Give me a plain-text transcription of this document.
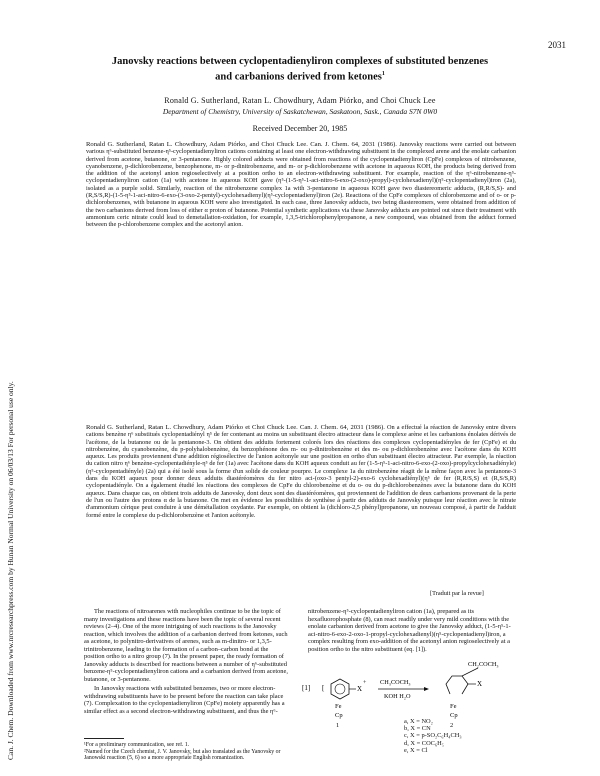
2031
Janovsky reactions between cyclopentadienyliron complexes of substituted benzenes
and carbanions derived from ketones$^1$
Ronald G. Sutherland, Ratan L. Chowdhury, Adam Piórko, and Choi Chuck Lee
Department of Chemistry, University of Saskatchewan, Saskatoon, Sask., Canada S7N 0W0
Received December 20, 1985
Ronald G. Sutherland, Ratan L. Chowdhury, Adam Piórko, and Choi Chuck Lee. Can. J. Chem. 64, 2031 (1986). Janovsky reactions were carried out between various η⁶-substituted benzene-η⁵-cyclopentadienyliron cations containing at least one electron-withdrawing substituent in the complexed arene and the enolate carbanion derived from acetone, butanone, or 3-pentanone. Highly colored adducts were obtained from reactions of the cyclopentadienyliron (CpFe) complexes of nitrobenzene, cyanobenzene, p-dichlorobenzene, benzophenone, m- or p-dinitrobenzene, and m- or p-dichlorobenzene with acetone in aqueous KOH, the products being derived from the addition of the acetonyl anion regioselectively at a position ortho to an electron-withdrawing substituent. For example, reaction of the η⁶-nitrobenzene-η⁵-cyclopentadienyliron cation (1a) with acetone in aqueous KOH gave (η⁵-(1-5-η⁵-1-aci-nitro-6-exo-(2-oxo)-propyl)-cyclohexadienyl)(η⁵-cyclopentadienyl)iron (2a), isolated as a purple solid. Similarly, reaction of the nitrobenzene complex 1a with 3-pentanone in aqueous KOH gave two diastereomeric adducts, (R,R/S,S)- and (R,S/S,R)-(1-5-η⁵-1-aci-nitro-6-exo-(3-oxo-2-pentyl)-cyclohexadienyl)(η⁵-cyclopentadienyl)iron (2e). Reactions of the CpFe complexes of chlorobenzene and of o- or p-dichlorobenzenes, with butanone in aqueous KOH were also investigated. In each case, three Janovsky adducts, two being diastereomers, were obtained from addition of the two carbanions derived from loss of either α proton of butanone. Potential synthetic applications via these Janovsky adducts are pointed out since their treatment with ammonium ceric nitrate could lead to demetallation-oxidation, for example, 1,3,5-trichlorophenylpropanone, a new compound, was obtained from the adduct formed between the p-chlorobenzene complex and the acetonyl anion.
Ronald G. Sutherland, Ratan L. Chowdhury, Adam Piórko et Choi Chuck Lee. Can. J. Chem. 64, 2031 (1986). On a effectué la réaction de Janovsky entre divers cations benzène η⁶ substitués cyclopentadiényl η⁵ de fer contenant au moins un substituant électro attracteur dans le complexe arène et les carbanions énolates dérivés de l'acétone, de la butanone ou de la pentanone-3. On obtient des adduits fortement colorés lors des réactions des complexes cyclopentadiényles de fer (CpFe) et du nitrobenzène, du cyanobenzène, du p-polyhalobenzène, du benzophénone des m- ou p-dinitrobenzène et des m- ou p-dichlorobenzène avec l'acétone dans du KOH aqueux. Les produits proviennent d'une addition régiosélective de l'anion acétonyle sur une position en ortho d'un substituant électro attracteur. Par exemple, la réaction du cation nitro η⁶ benzène-cyclopentadiényle-η⁵ de fer (1a) avec l'acétone dans du KOH aqueux conduit au fer (1-5-η⁵-1-aci-nitro-6-exo-(2-oxo)-propylcyclohexadiényle)(η⁵-cyclopentadiényle) (2a) qui a été isolé sous la forme d'un solide de couleur pourpre. Le complexe 1a du nitrobenzène réagit de la même façon avec la pentanone-3 dans du KOH aqueux pour donner deux adduits diastéréomères du fer nitro aci-(oxo-3 pentyl-2)-exo-6 cyclohexadiényl)(η⁵ de fer (R,R/S,S) et (R,S/S,R) cyclopentadiényle. On a également étudié les réactions des complexes de CpFe du chlorobenzène et du o- ou du p-dichlorobenzènes avec la butanone dans du KOH aqueux. Dans chaque cas, on obtient trois adduits de Janovsky, dont deux sont des diastéréomères, qui proviennent de l'addition de deux carbanions provenant de la perte de l'un ou l'autre des protons α de la butanone. On met en évidence les possibilités de synthèse à partir des adduits de Janovsky puisque leur réaction avec le nitrate d'ammonium cérique peut conduire à une démétallation oxydante. Par exemple, on obtient la (dichloro-2,5 phényl)propanone, un nouveau composé, à partir de l'adduit formé entre le complexe du p-dichlorobenzène et l'anion acétonyle.
[Traduit par la revue]

The reactions of nitroarenes with nucleophiles continue to be the topic of many investigations and these reactions have been the topic of several recent reviews (2–4). One of the more intriguing of such reactions is the Janovsky reaction, which involves the addition of a carbanion derived from ketones, such as acetone, to polynitro-derivatives of arenes, such as m-dinitro- or 1,3,5-trinitrobenzene, leading to the formation of a carbon–carbon bond at the position ortho to a nitro group (7). In the present paper, the ready formation of Janovsky adducts is described for reactions between a number of η⁶-substituted benzene-η⁵-cyclopentadienyliron cations and a carbanion derived from acetone, butanone, or 3-pentanone.

In Janovsky reactions with substituted benzenes, two or more electron-withdrawing substituents have to be present before the reaction can take place (7). Complexation to the cyclopentadienyliron (CpFe) moiety apparently has a similar effect as a second electron-withdrawing substituent, and thus the η⁶-

¹For a preliminary communication, see ref. 1.

²Named for the Czech chemist, J. V. Janovsky, but also translated as the Yanovsky or Janowski reaction (5, 6) so a more appropriate English romanization.

nitrobenzene-η⁵-cyclopentadienyliron cation (1a), prepared as its hexafluorophosphate (8), can react readily under very mild conditions with the enolate carbanion derived from acetone to give the Janovsky adduct, (1-5-η⁵-1-aci-nitro-6-exo-2-oxo-1-propyl-cyclohexadienyl)(η⁵-cyclopentadienyl)iron, a complex resulting from exo-addition of the acetonyl anion regioselectively at a position ortho to the nitro substituent (eq. [1]).

[1] [	X
+
Fe
Cp
CH₃COCH₃
KOH H₂O
CH₂COCH₃
X
Fe
Cp
1	2
a, X = NO₂
b, X = CN
c, X = p-SO₂C₆H₄CH₃
d, X = COC₆H₅
e, X = Cl
Can. J. Chem. Downloaded from www.nrcresearchpress.com by Hunan Normal University on 06/03/13 For personal use only.
